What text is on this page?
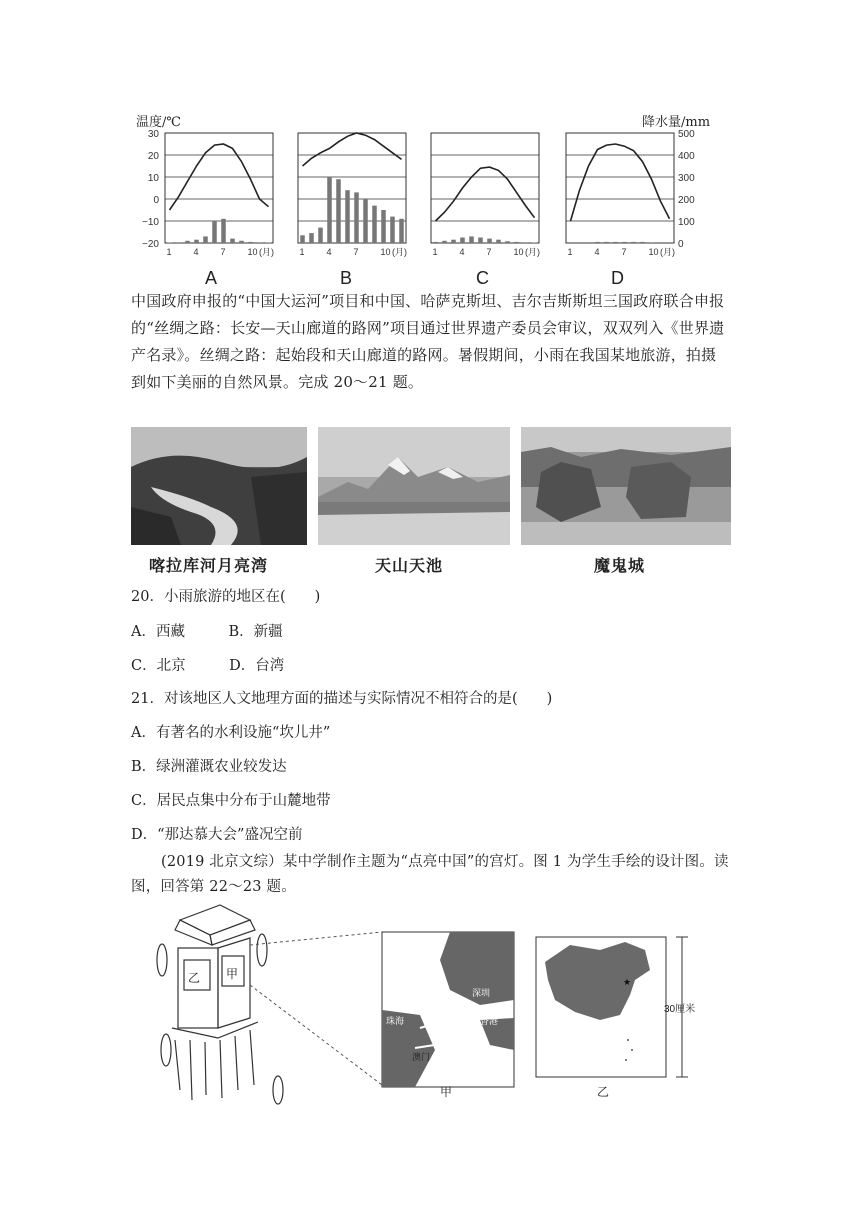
温度/℃	降水量/mm
1 4 7 10 (月)	1 4 7 10 (月)	1 4 7 10 (月)	1 4 7 10 (月)
30
20
10
0
−10
−20
500
400
300
200
100
0
A	B	C	D
中国政府申报的“中国大运河”项目和中国、哈萨克斯坦、吉尔吉斯斯坦三国政府联合申报的“丝绸之路：长安—天山廊道的路网”项目通过世界遗产委员会审议，双双列入《世界遗产名录》。丝绸之路：起始段和天山廊道的路网。暑假期间，小雨在我国某地旅游，拍摄到如下美丽的自然风景。完成 20～21 题。
喀拉库河月亮湾	天山天池	魔鬼城
20．小雨旅游的地区在(　　)
A．西藏　　　B．新疆
C．北京　　　D．台湾
21．对该地区人文地理方面的描述与实际情况不相符合的是(　　)
A．有著名的水利设施“坎儿井”
B．绿洲灌溉农业较发达
C．居民点集中分布于山麓地带
D．“那达慕大会”盛况空前
(2019 北京文综）某中学制作主题为“点亮中国”的宫灯。图 1 为学生手绘的设计图。读图，回答第 22～23 题。
甲
乙
深圳
珠海	香港
澳门
★
30厘米
甲	乙
